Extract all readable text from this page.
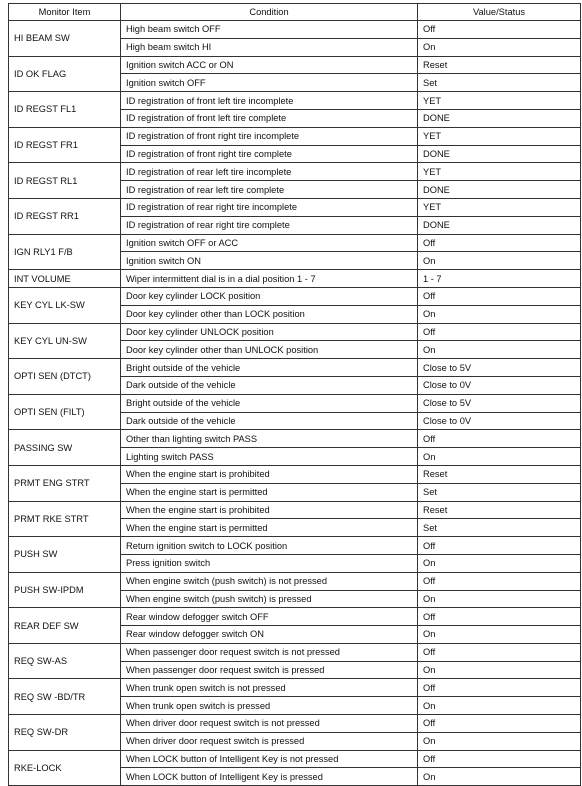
Monitor Item	Condition	Value/Status
HI BEAM SW	High beam switch OFF	Off
	High beam switch HI	On
ID OK FLAG	Ignition switch ACC or ON	Reset
	Ignition switch OFF	Set
ID REGST FL1	ID registration of front left tire incomplete	YET
	ID registration of front left tire complete	DONE
ID REGST FR1	ID registration of front right tire incomplete	YET
	ID registration of front right tire complete	DONE
ID REGST RL1	ID registration of rear left tire incomplete	YET
	ID registration of rear left tire complete	DONE
ID REGST RR1	ID registration of rear right tire incomplete	YET
	ID registration of rear right tire complete	DONE
IGN RLY1 F/B	Ignition switch OFF or ACC	Off
	Ignition switch ON	On
INT VOLUME	Wiper intermittent dial is in a dial position 1 - 7	1 - 7
KEY CYL LK-SW	Door key cylinder LOCK position	Off
	Door key cylinder other than LOCK position	On
KEY CYL UN-SW	Door key cylinder UNLOCK position	Off
	Door key cylinder other than UNLOCK position	On
OPTI SEN (DTCT)	Bright outside of the vehicle	Close to 5V
	Dark outside of the vehicle	Close to 0V
OPTI SEN (FILT)	Bright outside of the vehicle	Close to 5V
	Dark outside of the vehicle	Close to 0V
PASSING SW	Other than lighting switch PASS	Off
	Lighting switch PASS	On
PRMT ENG STRT	When the engine start is prohibited	Reset
	When the engine start is permitted	Set
PRMT RKE STRT	When the engine start is prohibited	Reset
	When the engine start is permitted	Set
PUSH SW	Return ignition switch to LOCK position	Off
	Press ignition switch	On
PUSH SW-IPDM	When engine switch (push switch) is not pressed	Off
	When engine switch (push switch) is pressed	On
REAR DEF SW	Rear window defogger switch OFF	Off
	Rear window defogger switch ON	On
REQ SW-AS	When passenger door request switch is not pressed	Off
	When passenger door request switch is pressed	On
REQ SW -BD/TR	When trunk open switch is not pressed	Off
	When trunk open switch is pressed	On
REQ SW-DR	When driver door request switch is not pressed	Off
	When driver door request switch is pressed	On
RKE-LOCK	When LOCK button of Intelligent Key is not pressed	Off
	When LOCK button of Intelligent Key is pressed	On
